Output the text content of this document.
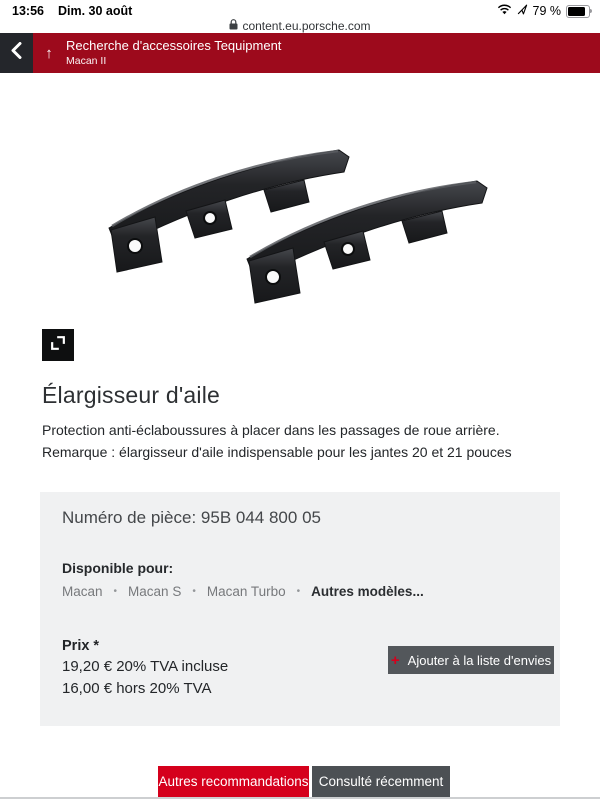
13:56 Dim. 30 août	79 %
content.eu.porsche.com
↑ Recherche d'accessoires Tequipment
Macan II
Élargisseur d'aile
Protection anti-éclaboussures à placer dans les passages de roue arrière.
Remarque : élargisseur d'aile indispensable pour les jantes 20 et 21 pouces
Numéro de pièce: 95B 044 800 05
Disponible pour:
Macan • Macan S • Macan Turbo • Autres modèles...
Prix *
19,20 € 20% TVA incluse
16,00 € hors 20% TVA
+ Ajouter à la liste d'envies
Autres recommandations Consulté récemment
